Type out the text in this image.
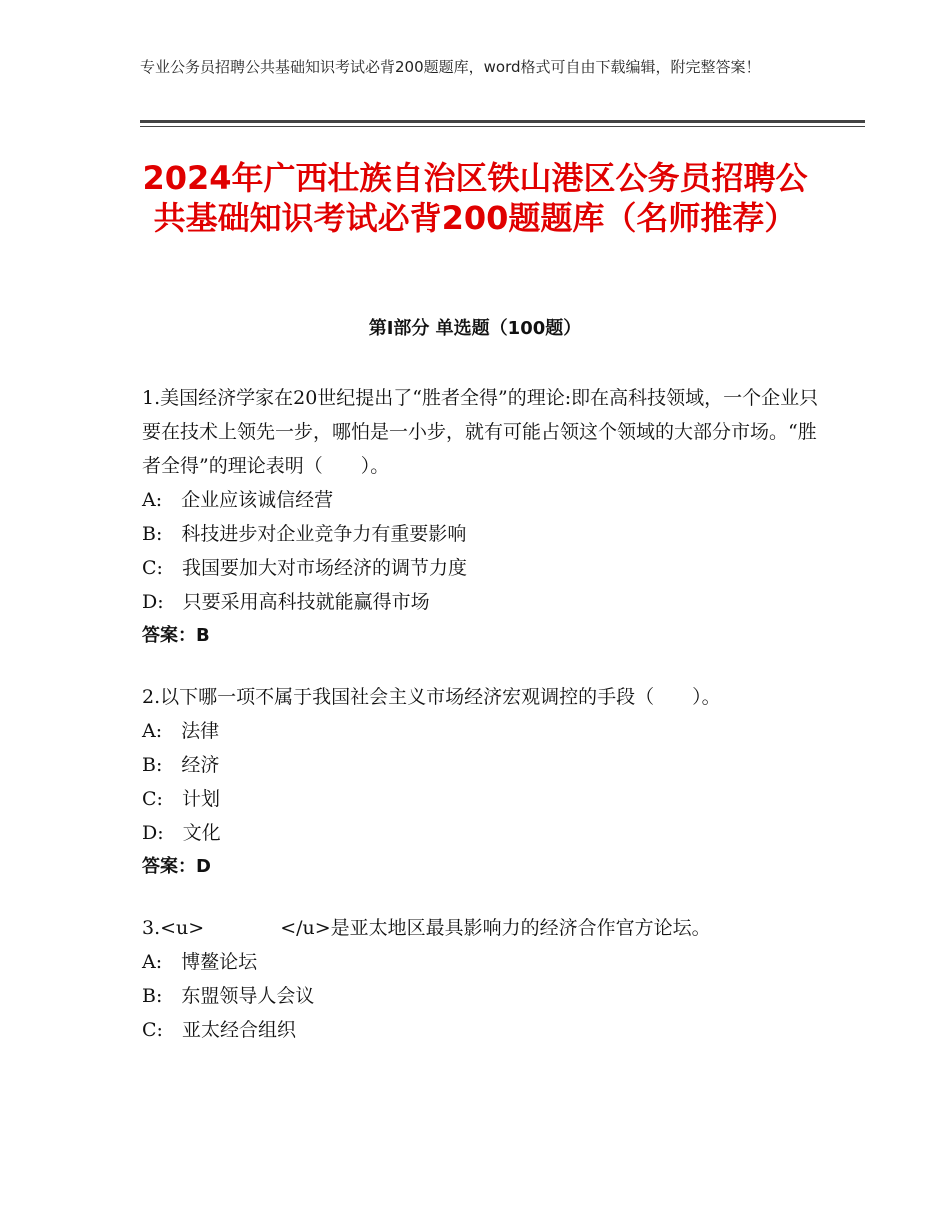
专业公务员招聘公共基础知识考试必背200题题库，word格式可自由下载编辑，附完整答案！
2024年广西壮族自治区铁山港区公务员招聘公共基础知识考试必背200题题库（名师推荐）
第I部分 单选题（100题）
1.美国经济学家在20世纪提出了“胜者全得”的理论:即在高科技领域，一个企业只要在技术上领先一步，哪怕是一小步，就有可能占领这个领域的大部分市场。“胜者全得”的理论表明（　　）。
A:　企业应该诚信经营
B:　科技进步对企业竞争力有重要影响
C:　我国要加大对市场经济的调节力度
D:　只要采用高科技就能赢得市场
答案：B
2.以下哪一项不属于我国社会主义市场经济宏观调控的手段（　　）。
A:　法律
B:　经济
C:　计划
D:　文化
答案：D
3.<u>　　　　</u>是亚太地区最具影响力的经济合作官方论坛。
A:　博鳌论坛
B:　东盟领导人会议
C:　亚太经合组织
